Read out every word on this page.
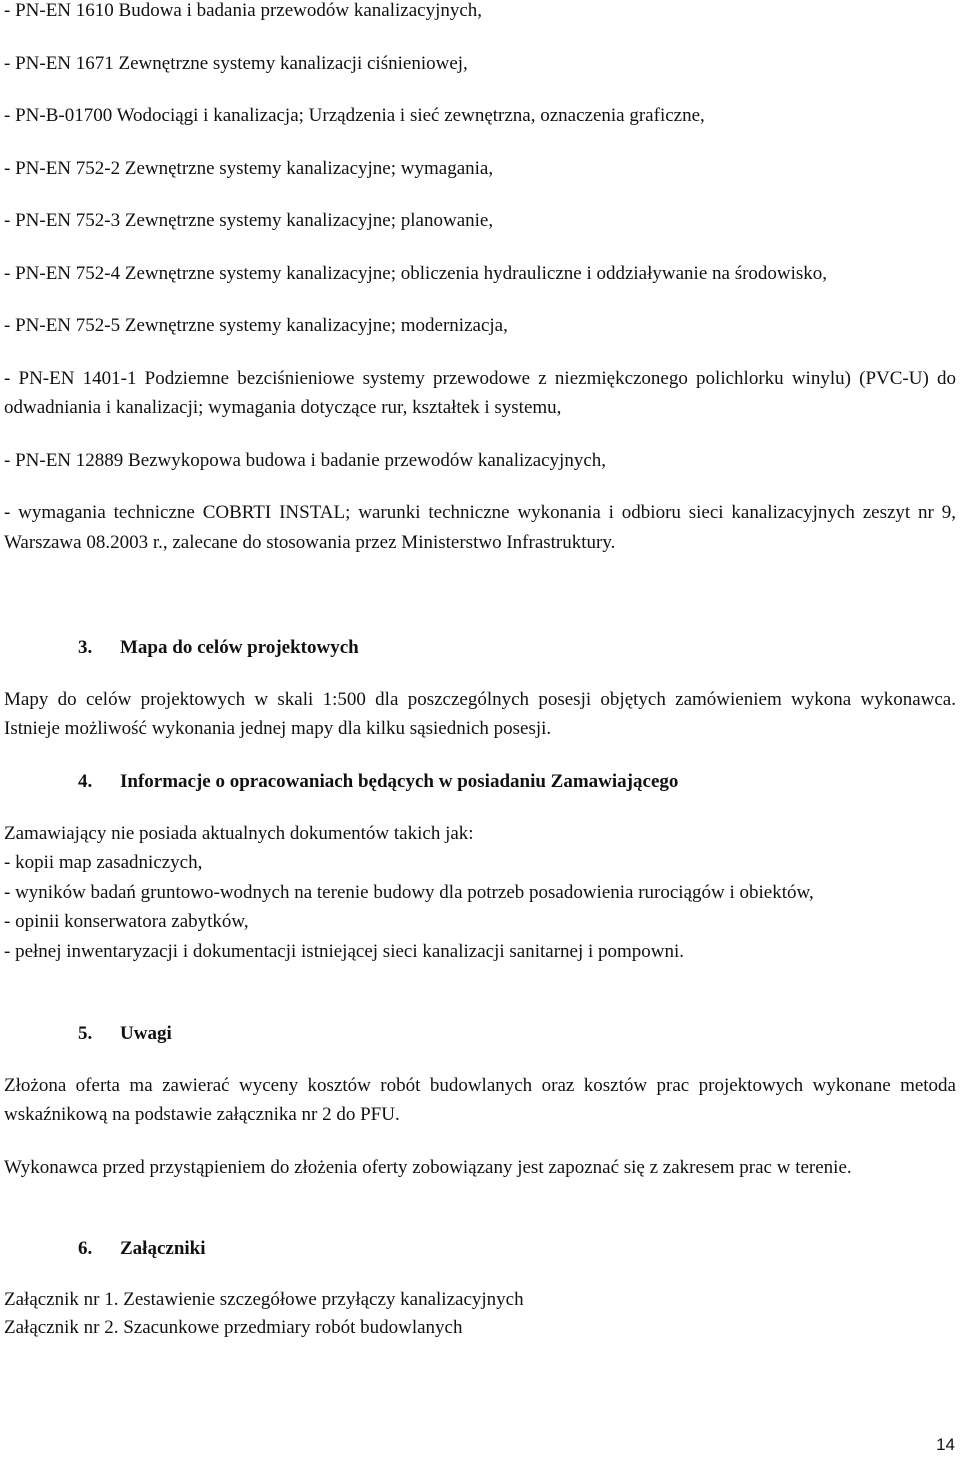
- PN-EN 1610 Budowa i badania przewodów kanalizacyjnych,

- PN-EN 1671 Zewnętrzne systemy kanalizacji ciśnieniowej,

- PN-B-01700 Wodociągi i kanalizacja; Urządzenia i sieć zewnętrzna, oznaczenia graficzne,

- PN-EN 752-2 Zewnętrzne systemy kanalizacyjne; wymagania,

- PN-EN 752-3 Zewnętrzne systemy kanalizacyjne; planowanie,

- PN-EN 752-4 Zewnętrzne systemy kanalizacyjne; obliczenia hydrauliczne i oddziaływanie na środowisko,

- PN-EN 752-5 Zewnętrzne systemy kanalizacyjne; modernizacja,

- PN-EN 1401-1 Podziemne bezciśnieniowe systemy przewodowe z niezmiękczonego polichlorku winylu) (PVC-U) do odwadniania i kanalizacji; wymagania dotyczące rur, kształtek i systemu,

- PN-EN 12889 Bezwykopowa budowa i badanie przewodów kanalizacyjnych,

- wymagania techniczne COBRTI INSTAL; warunki techniczne wykonania i odbioru sieci kanalizacyjnych zeszyt nr 9, Warszawa 08.2003 r., zalecane do stosowania przez Ministerstwo Infrastruktury.

3. Mapa do celów projektowych

Mapy do celów projektowych w skali 1:500 dla poszczególnych posesji objętych zamówieniem wykona wykonawca. Istnieje możliwość wykonania jednej mapy dla kilku sąsiednich posesji.

4. Informacje o opracowaniach będących w posiadaniu Zamawiającego

Zamawiający nie posiada aktualnych dokumentów takich jak:

- kopii map zasadniczych,

- wyników badań gruntowo-wodnych na terenie budowy dla potrzeb posadowienia rurociągów i obiektów,

- opinii konserwatora zabytków,

- pełnej inwentaryzacji i dokumentacji istniejącej sieci kanalizacji sanitarnej i pompowni.

5. Uwagi

Złożona oferta ma zawierać wyceny kosztów robót budowlanych oraz kosztów prac projektowych wykonane metoda wskaźnikową na podstawie załącznika nr 2 do PFU.

Wykonawca przed przystąpieniem do złożenia oferty zobowiązany jest zapoznać się z zakresem prac w terenie.

6. Załączniki

Załącznik nr 1. Zestawienie szczegółowe przyłączy kanalizacyjnych

Załącznik nr 2. Szacunkowe przedmiary robót budowlanych

14
